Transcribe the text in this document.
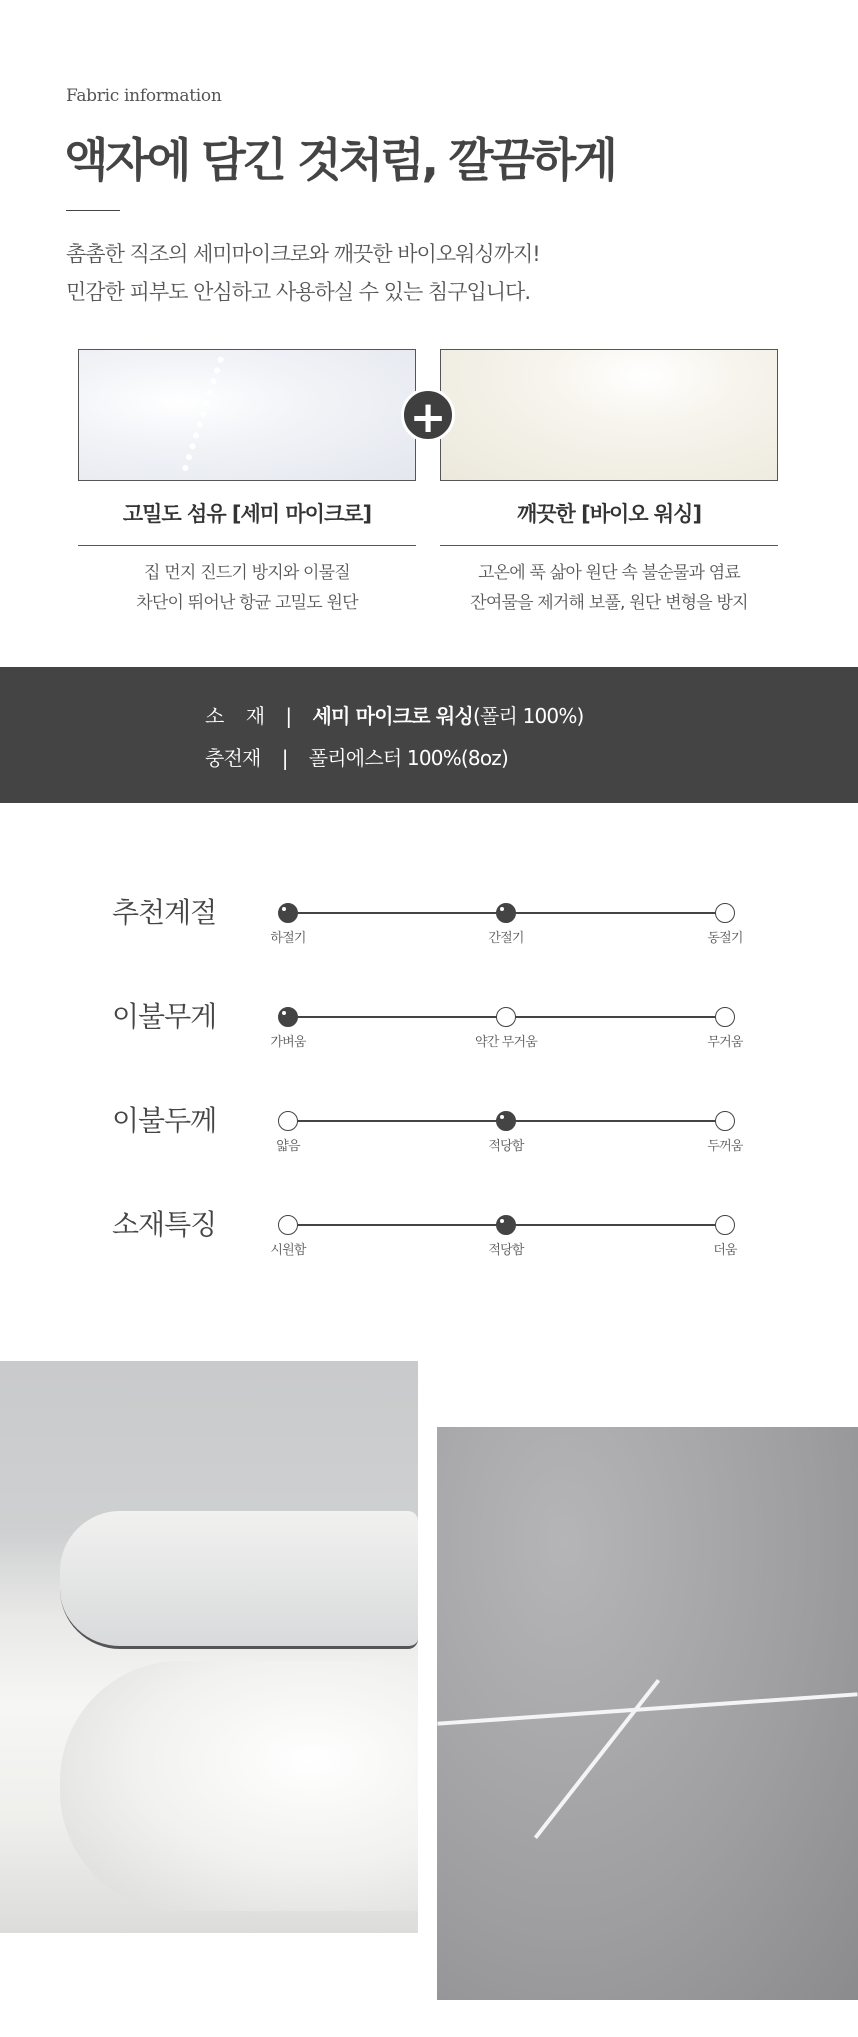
Fabric information
액자에 담긴 것처럼, 깔끔하게
촘촘한 직조의 세미마이크로와 깨끗한 바이오워싱까지!
민감한 피부도 안심하고 사용하실 수 있는 침구입니다.
+
고밀도 섬유 [세미 마이크로]	깨끗한 [바이오 워싱]
집 먼지 진드기 방지와 이물질
차단이 뛰어난 항균 고밀도 원단
고온에 푹 삶아 원단 속 불순물과 염료
잔여물을 제거해 보풀, 원단 변형을 방지
소    재 | 세미 마이크로 워싱(폴리 100%)
충전재 | 폴리에스터 100%(8oz)
추천계절
하절기	간절기	동절기
이불무게
가벼움	약간 무거움	무거움
이불두께
얇음	적당함	두꺼움
소재특징
시원함	적당함	더움
